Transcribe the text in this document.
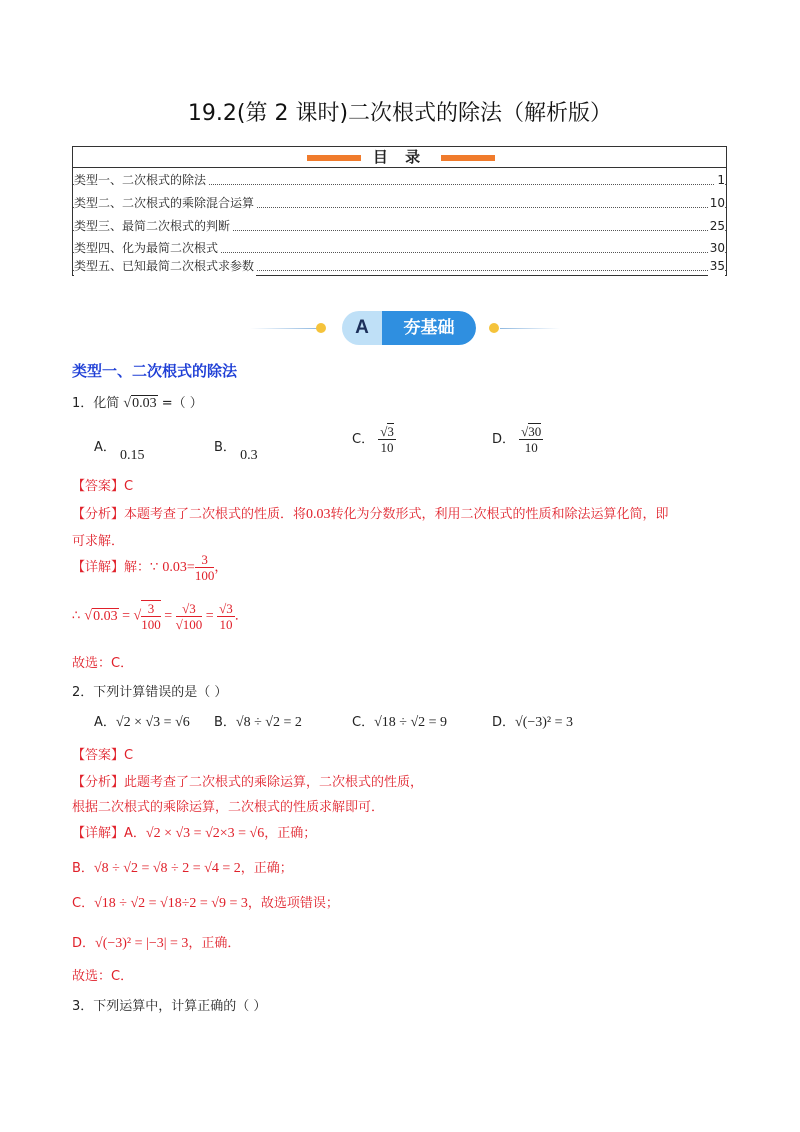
19.2(第 2 课时)二次根式的除法（解析版）
目 录
类型一、二次根式的除法	1
类型二、二次根式的乘除混合运算	10
类型三、最简二次根式的判断	25
类型四、化为最简二次根式	30
类型五、已知最简二次根式求参数	35
A	夯基础
类型一、二次根式的除法
1．化简 √0.03 =（ ）
A． 0.15
B． 0.3
C． $\frac{√3}{10}$	D． $\frac{√30}{10}$
【答案】C
【分析】本题考查了二次根式的性质．将0.03转化为分数形式，利用二次根式的性质和除法运算化简，即
可求解．
【详解】解：∵ $0.03= \frac{3}{100}$ ，
∴ √0.03 = √ $\frac{3}{100} = \frac{√3}{√100} = \frac{√3}{10}$ ．
故选：C．
2．下列计算错误的是（ ）
A．√2 × √3 = √6 B．√8 ÷ √2 = 2	C．√18 ÷ √2 = 9	D．√(−3)² = 3
【答案】C
【分析】此题考查了二次根式的乘除运算，二次根式的性质，
根据二次根式的乘除运算，二次根式的性质求解即可．
【详解】A．√2 × √3 = √2×3 = √6，正确；
B．√8 ÷ √2 = √8 ÷ 2 = √4 = 2，正确；
C．√18 ÷ √2 = √18÷2 = √9 = 3，故选项错误；
D．√(−3)² = |−3| = 3，正确．
故选：C．
3．下列运算中，计算正确的（ ）
